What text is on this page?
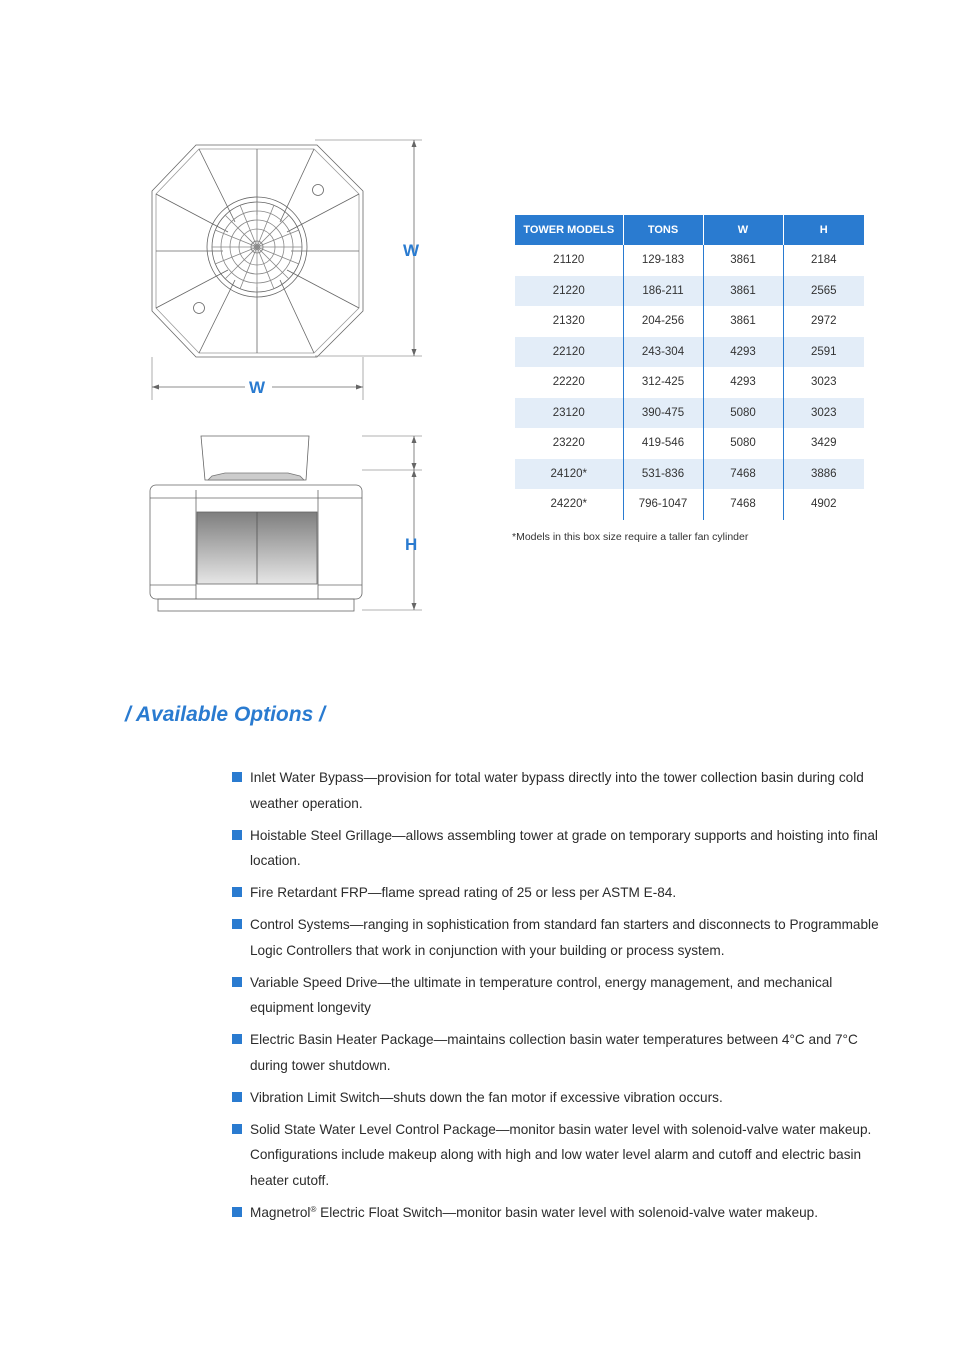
W
W
H
TOWER MODELS	TONS	W	H
21120	129-183	3861	2184
21220	186-211	3861	2565
21320	204-256	3861	2972
22120	243-304	4293	2591
22220	312-425	4293	3023
23120	390-475	5080	3023
23220	419-546	5080	3429
24120*	531-836	7468	3886
24220*	796-1047	7468	4902
*Models in this box size require a taller fan cylinder
/ Available Options /
Inlet Water Bypass—provision for total water bypass directly into the tower collection basin during cold weather operation.
Hoistable Steel Grillage—allows assembling tower at grade on temporary supports and hoisting into final location.
Fire Retardant FRP—flame spread rating of 25 or less per ASTM E-84.
Control Systems—ranging in sophistication from standard fan starters and disconnects to Programmable Logic Controllers that work in conjunction with your building or process system.
Variable Speed Drive—the ultimate in temperature control, energy management, and mechanical equipment longevity
Electric Basin Heater Package—maintains collection basin water temperatures between 4°C and 7°C during tower shutdown.
Vibration Limit Switch—shuts down the fan motor if excessive vibration occurs.
Solid State Water Level Control Package—monitor basin water level with solenoid-valve water makeup. Configurations include makeup along with high and low water level alarm and cutoff and electric basin heater cutoff.
Magnetrol® Electric Float Switch—monitor basin water level with solenoid-valve water makeup.
